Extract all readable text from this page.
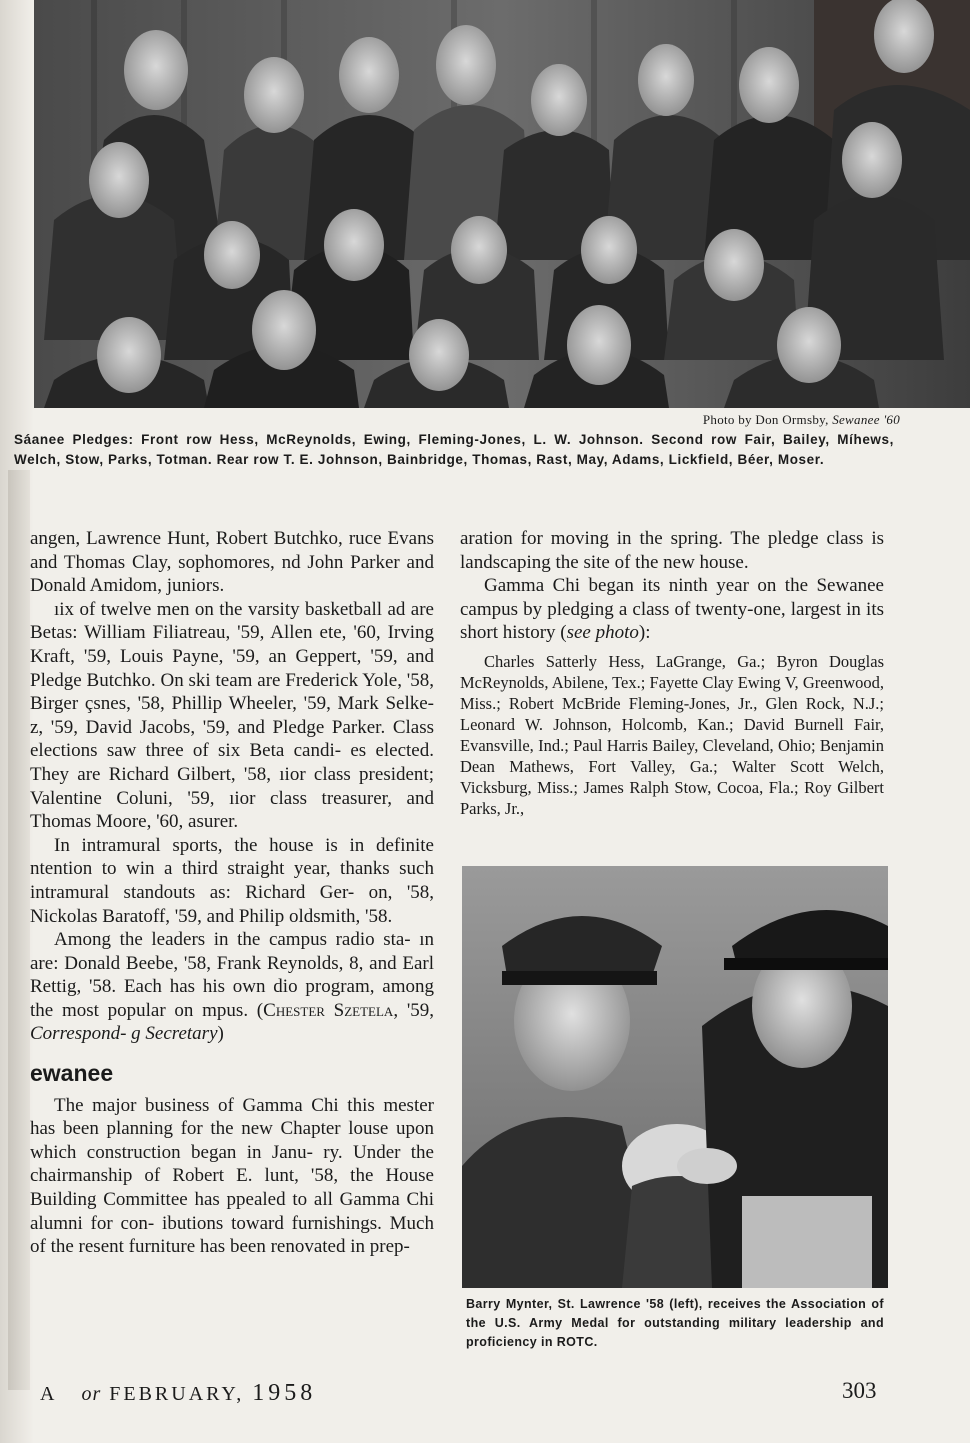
Photo by Don Ormsby, Sewanee '60
Sáanee Pledges: Front row Hess, McReynolds, Ewing, Fleming-Jones, L. W. Johnson. Second row Fair, Bailey, Míhews, Welch, Stow, Parks, Totman. Rear row T. E. Johnson, Bainbridge, Thomas, Rast, May, Adams, Lickfield, Béer, Moser.

angen, Lawrence Hunt, Robert Butchko, ruce Evans and Thomas Clay, sophomores, nd John Parker and Donald Amidom, juniors.

ıix of twelve men on the varsity basketball ad are Betas: William Filiatreau, '59, Allen ete, '60, Irving Kraft, '59, Louis Payne, '59, an Geppert, '59, and Pledge Butchko. On ski team are Frederick Yole, '58, Birger çsnes, '58, Phillip Wheeler, '59, Mark Selke- z, '59, David Jacobs, '59, and Pledge Parker. Class elections saw three of six Beta candi- es elected. They are Richard Gilbert, '58, ıior class president; Valentine Coluni, '59, ıior class treasurer, and Thomas Moore, '60, asurer.

In intramural sports, the house is in definite ntention to win a third straight year, thanks such intramural standouts as: Richard Ger- on, '58, Nickolas Baratoff, '59, and Philip oldsmith, '58.

Among the leaders in the campus radio sta- ın are: Donald Beebe, '58, Frank Reynolds, 8, and Earl Rettig, '58. Each has his own dio program, among the most popular on mpus. (Chester Szetela, '59, Correspond- g Secretary)

ewanee

The major business of Gamma Chi this mester has been planning for the new Chapter louse upon which construction began in Janu- ry. Under the chairmanship of Robert E. lunt, '58, the House Building Committee has ppealed to all Gamma Chi alumni for con- ibutions toward furnishings. Much of the resent furniture has been renovated in prep-

aration for moving in the spring. The pledge class is landscaping the site of the new house.

Gamma Chi began its ninth year on the Sewanee campus by pledging a class of twenty-one, largest in its short history (see photo):

Charles Satterly Hess, LaGrange, Ga.; Byron Douglas McReynolds, Abilene, Tex.; Fayette Clay Ewing V, Greenwood, Miss.; Robert McBride Fleming-Jones, Jr., Glen Rock, N.J.; Leonard W. Johnson, Holcomb, Kan.; David Burnell Fair, Evansville, Ind.; Paul Harris Bailey, Cleveland, Ohio; Benjamin Dean Mathews, Fort Valley, Ga.; Walter Scott Welch, Vicksburg, Miss.; James Ralph Stow, Cocoa, Fla.; Roy Gilbert Parks, Jr.,

Barry Mynter, St. Lawrence '58 (left), receives the Association of the U.S. Army Medal for outstanding military leadership and proficiency in ROTC.
A or FEBRUARY, 1958	303
